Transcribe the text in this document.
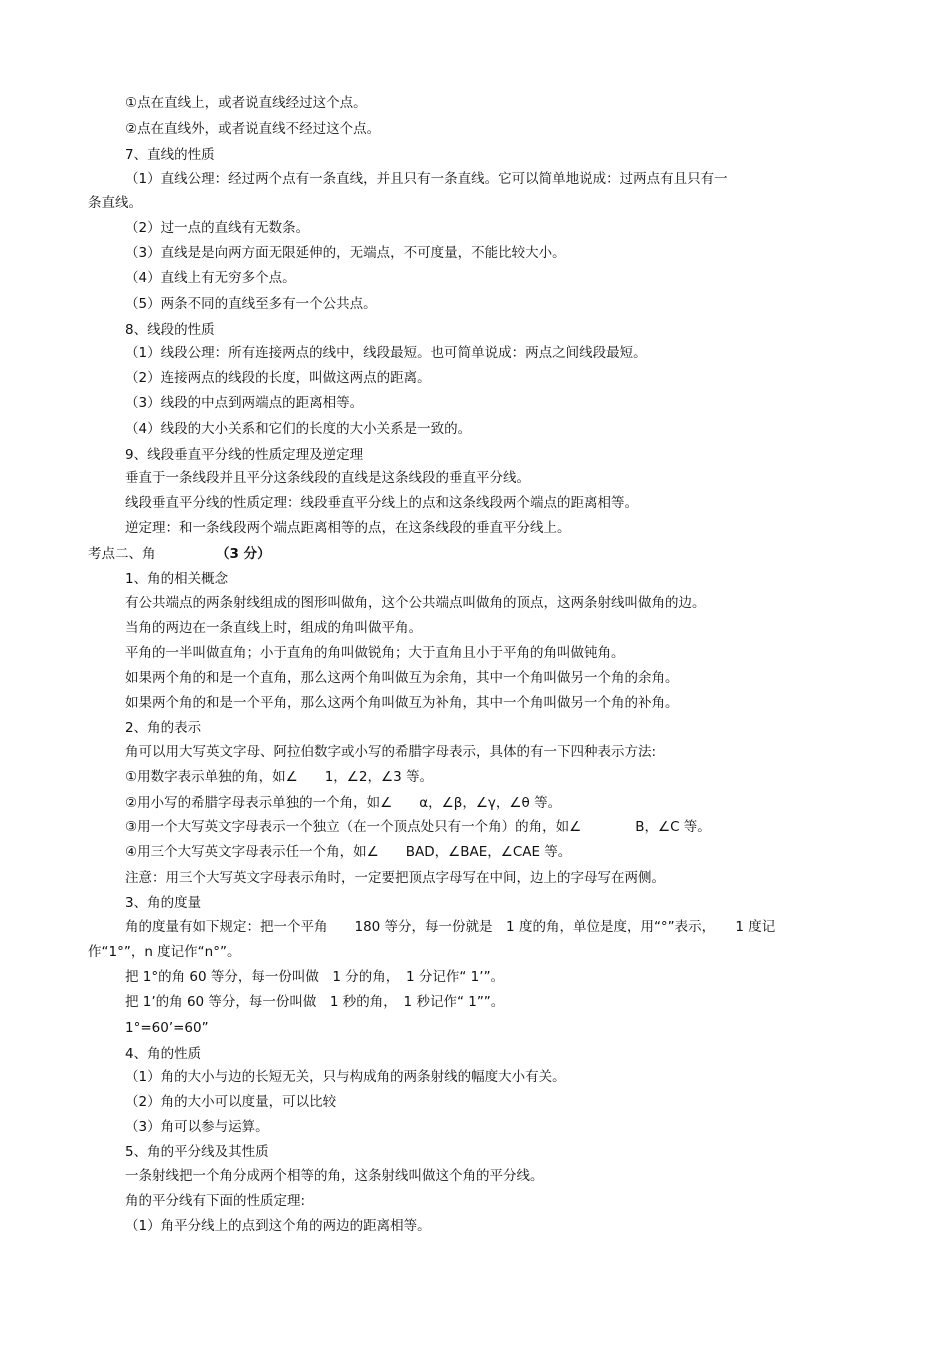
①点在直线上，或者说直线经过这个点。
②点在直线外，或者说直线不经过这个点。
7、直线的性质
（1）直线公理：经过两个点有一条直线，并且只有一条直线。它可以简单地说成：过两点有且只有一
条直线。
（2）过一点的直线有无数条。
（3）直线是是向两方面无限延伸的，无端点，不可度量，不能比较大小。
（4）直线上有无穷多个点。
（5）两条不同的直线至多有一个公共点。
8、线段的性质
（1）线段公理：所有连接两点的线中，线段最短。也可简单说成：两点之间线段最短。
（2）连接两点的线段的长度，叫做这两点的距离。
（3）线段的中点到两端点的距离相等。
（4）线段的大小关系和它们的长度的大小关系是一致的。
9、线段垂直平分线的性质定理及逆定理
垂直于一条线段并且平分这条线段的直线是这条线段的垂直平分线。
线段垂直平分线的性质定理：线段垂直平分线上的点和这条线段两个端点的距离相等。
逆定理：和一条线段两个端点距离相等的点，在这条线段的垂直平分线上。
考点二、角	（3 分）
1、角的相关概念
有公共端点的两条射线组成的图形叫做角，这个公共端点叫做角的顶点，这两条射线叫做角的边。
当角的两边在一条直线上时，组成的角叫做平角。
平角的一半叫做直角；小于直角的角叫做锐角；大于直角且小于平角的角叫做钝角。
如果两个角的和是一个直角，那么这两个角叫做互为余角，其中一个角叫做另一个角的余角。
如果两个角的和是一个平角，那么这两个角叫做互为补角，其中一个角叫做另一个角的补角。
2、角的表示
角可以用大写英文字母、阿拉伯数字或小写的希腊字母表示，具体的有一下四种表示方法:
①用数字表示单独的角，如∠　　1，∠2，∠3 等。
②用小写的希腊字母表示单独的一个角，如∠　　α，∠β，∠γ，∠θ 等。
③用一个大写英文字母表示一个独立（在一个顶点处只有一个角）的角，如∠　　　　B，∠C 等。
④用三个大写英文字母表示任一个角，如∠　　BAD，∠BAE，∠CAE 等。
注意：用三个大写英文字母表示角时，一定要把顶点字母写在中间，边上的字母写在两侧。
3、角的度量
角的度量有如下规定：把一个平角　　180 等分，每一份就是　1 度的角，单位是度，用“°”表示，　　1 度记
作“1°”，n 度记作“n°”。
把 1°的角 60 等分，每一份叫做　1 分的角，　1 分记作“ 1’”。
把 1’的角 60 等分，每一份叫做　1 秒的角，　1 秒记作“ 1””。
1°=60’=60”
4、角的性质
（1）角的大小与边的长短无关，只与构成角的两条射线的幅度大小有关。
（2）角的大小可以度量，可以比较
（3）角可以参与运算。
5、角的平分线及其性质
一条射线把一个角分成两个相等的角，这条射线叫做这个角的平分线。
角的平分线有下面的性质定理:
（1）角平分线上的点到这个角的两边的距离相等。
